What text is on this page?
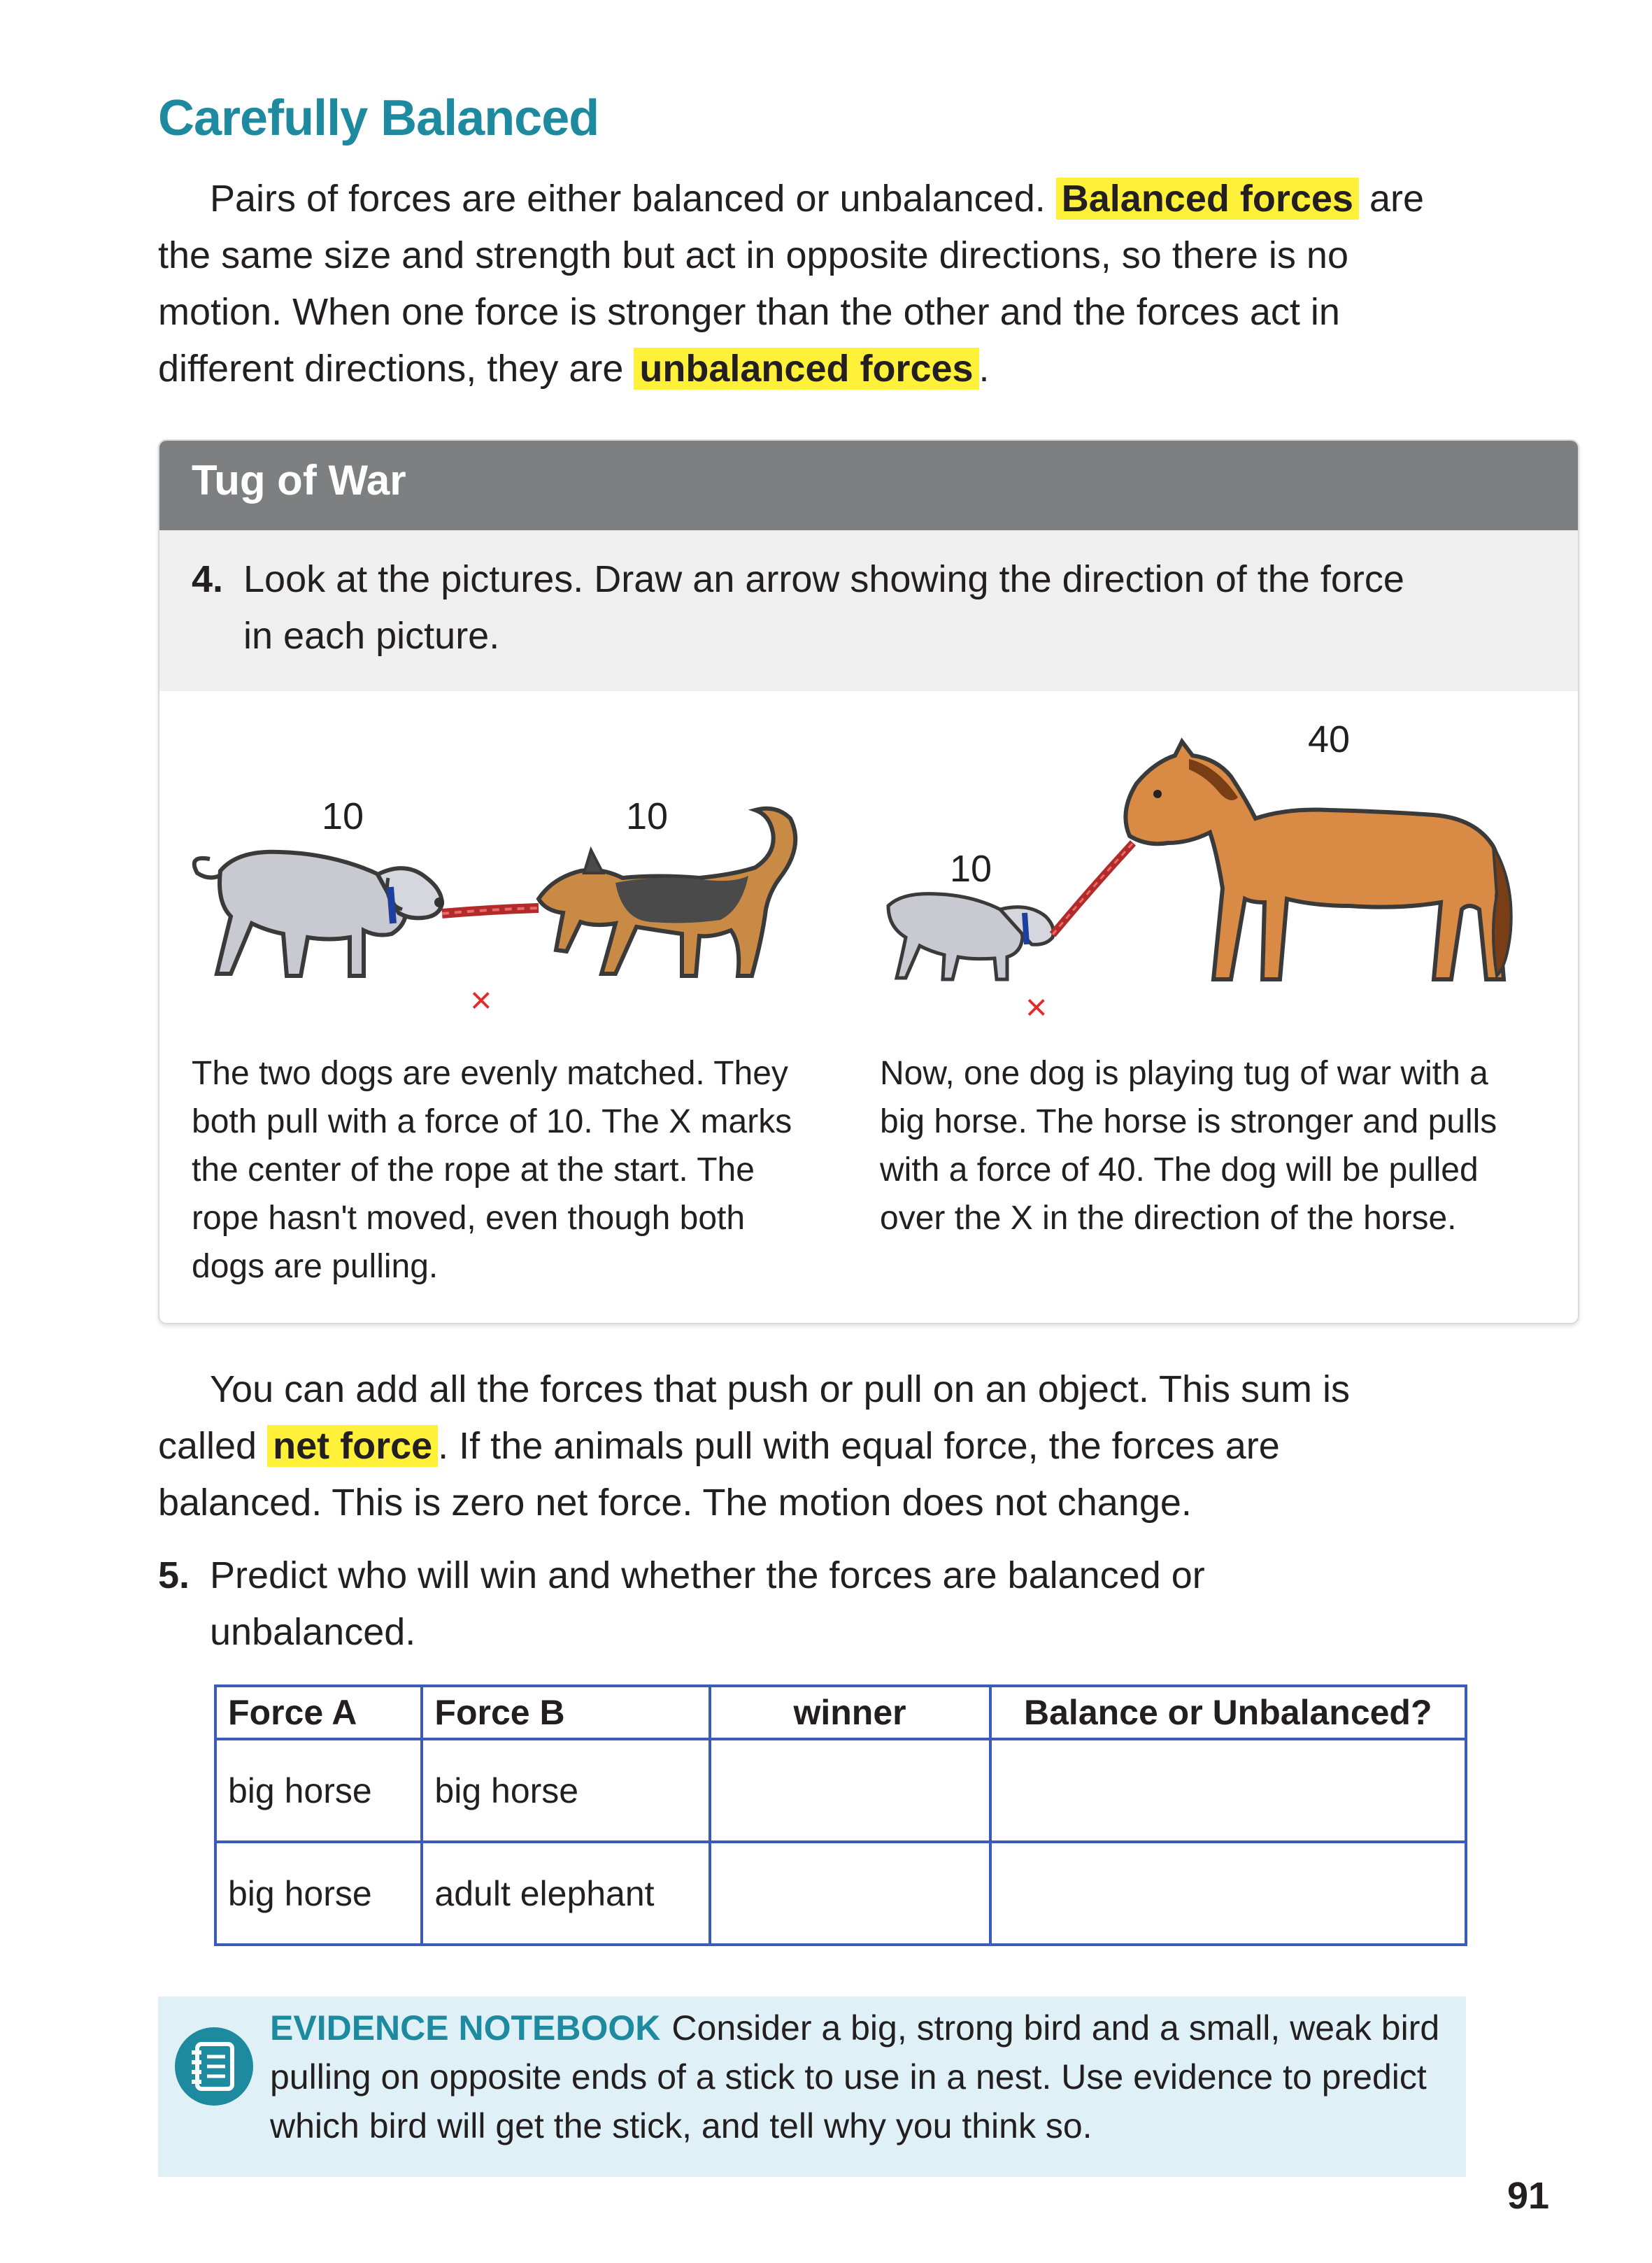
Carefully Balanced

Pairs of forces are either balanced or unbalanced. Balanced forces are the same size and strength but act in opposite directions, so there is no motion. When one force is stronger than the other and the forces act in different directions, they are unbalanced forces .

Tug of War
4. Look at the pictures. Draw an arrow showing the direction of the force in each picture.
10	10
×
10
40
×

The two dogs are evenly matched. They both pull with a force of 10. The X marks the center of the rope at the start. The rope hasn't moved, even though both dogs are pulling.

Now, one dog is playing tug of war with a big horse. The horse is stronger and pulls with a force of 40. The dog will be pulled over the X in the direction of the horse.

You can add all the forces that push or pull on an object. This sum is called net force . If the animals pull with equal force, the forces are balanced. This is zero net force. The motion does not change.

5. Predict who will win and whether the forces are balanced or unbalanced.
Force A	Force B	winner	Balance or Unbalanced?
big horse	big horse		
big horse	adult elephant		

EVIDENCE NOTEBOOK Consider a big, strong bird and a small, weak bird pulling on opposite ends of a stick to use in a nest. Use evidence to predict which bird will get the stick, and tell why you think so.

91
